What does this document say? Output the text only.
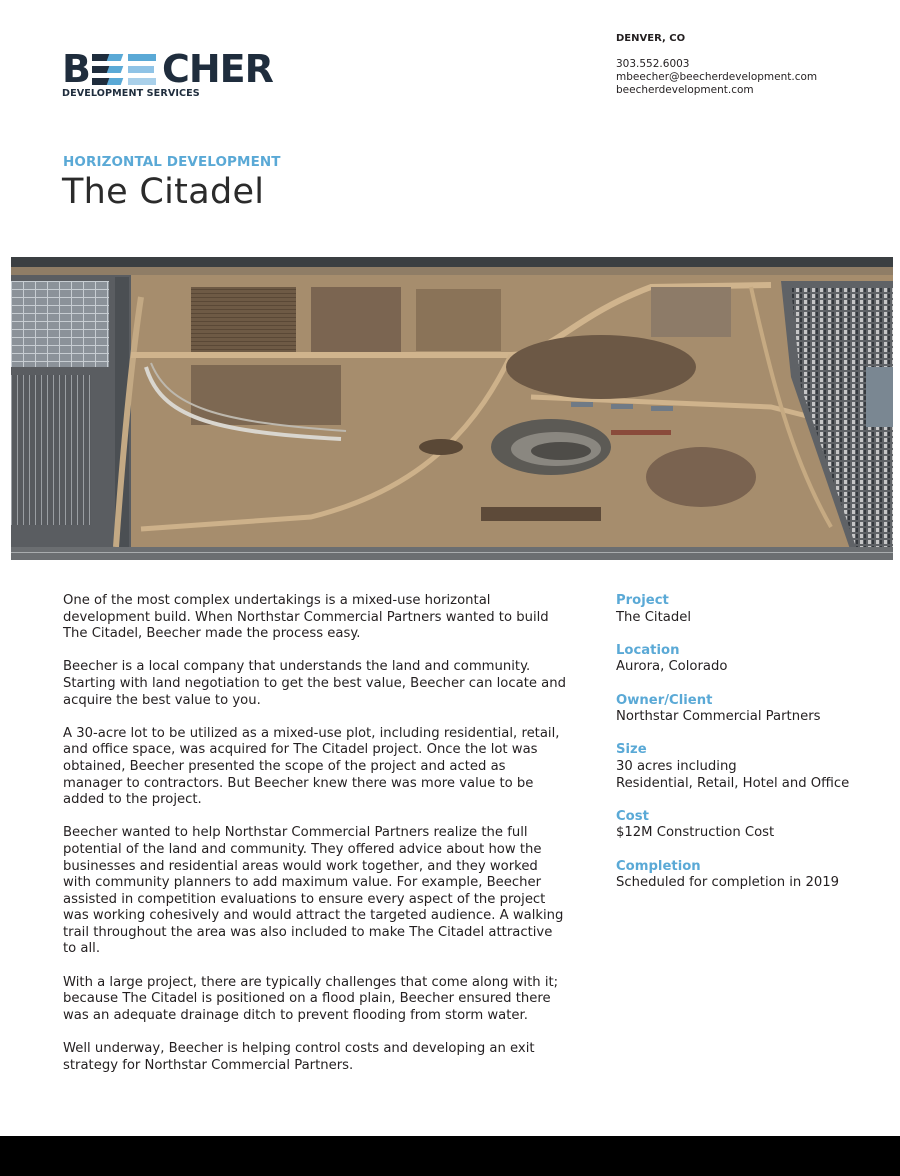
B CHER
DEVELOPMENT SERVICES
DENVER, CO
303.552.6003
mbeecher@beecherdevelopment.com
beecherdevelopment.com
HORIZONTAL DEVELOPMENT
The Citadel

One of the most complex undertakings is a mixed-use horizontal development build. When Northstar Commercial Partners wanted to build The Citadel, Beecher made the process easy.

Beecher is a local company that understands the land and community. Starting with land negotiation to get the best value, Beecher can locate and acquire the best value to you.

A 30-acre lot to be utilized as a mixed-use plot, including residential, retail, and office space, was acquired for The Citadel project. Once the lot was obtained, Beecher presented the scope of the project and acted as manager to contractors. But Beecher knew there was more value to be added to the project.

Beecher wanted to help Northstar Commercial Partners realize the full potential of the land and community. They offered advice about how the businesses and residential areas would work together, and they worked with community planners to add maximum value. For example, Beecher assisted in competition evaluations to ensure every aspect of the project was working cohesively and would attract the targeted audience. A walking trail throughout the area was also included to make The Citadel attractive to all.

With a large project, there are typically challenges that come along with it; because The Citadel is positioned on a flood plain, Beecher ensured there was an adequate drainage ditch to prevent flooding from storm water.

Well underway, Beecher is helping control costs and developing an exit strategy for Northstar Commercial Partners.

Project
The Citadel
Location
Aurora, Colorado
Owner/Client
Northstar Commercial Partners
Size
30 acres including
Residential, Retail, Hotel and Office
Cost
$12M Construction Cost
Completion
Scheduled for completion in 2019
